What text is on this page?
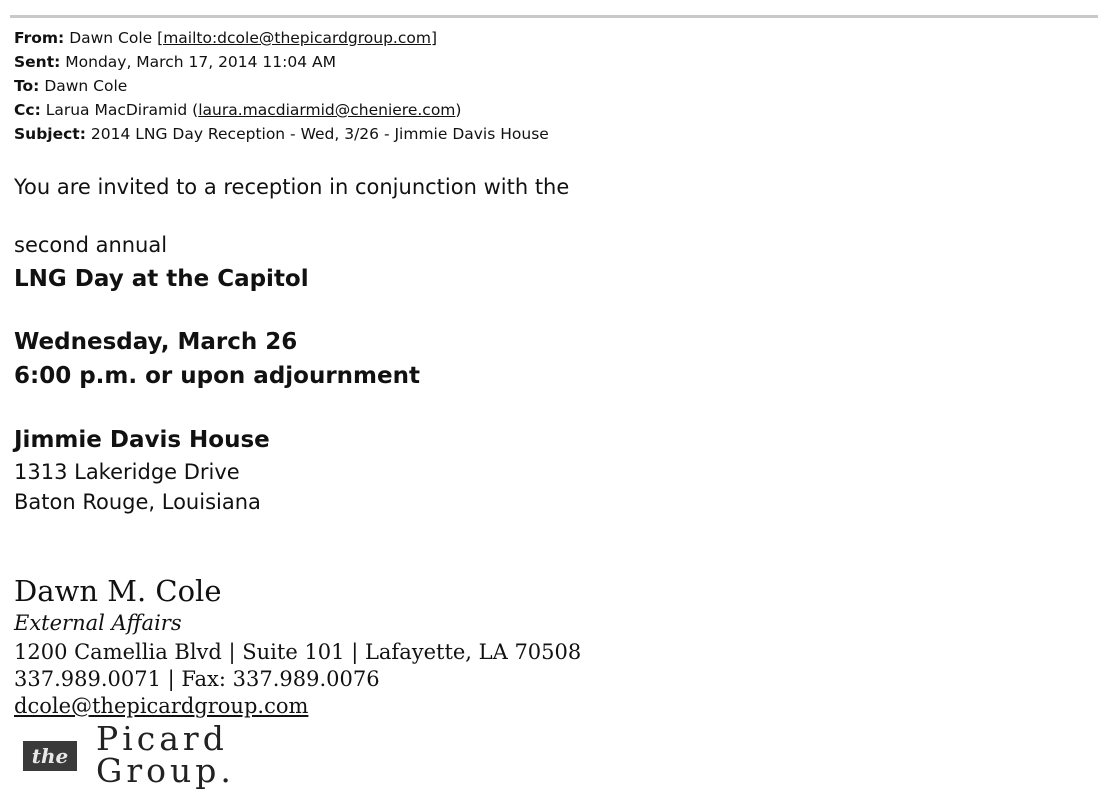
From: Dawn Cole [mailto:dcole@thepicardgroup.com]
Sent: Monday, March 17, 2014 11:04 AM
To: Dawn Cole
Cc: Larua MacDiramid (laura.macdiarmid@cheniere.com)
Subject: 2014 LNG Day Reception - Wed, 3/26 - Jimmie Davis House
You are invited to a reception in conjunction with the
second annual
LNG Day at the Capitol
Wednesday, March 26
6:00 p.m. or upon adjournment
Jimmie Davis House
1313 Lakeridge Drive
Baton Rouge, Louisiana
Dawn M. Cole
External Affairs
1200 Camellia Blvd | Suite 101 | Lafayette, LA 70508
337.989.0071 | Fax: 337.989.0076
dcole@thepicardgroup.com
the Picard
Group.
